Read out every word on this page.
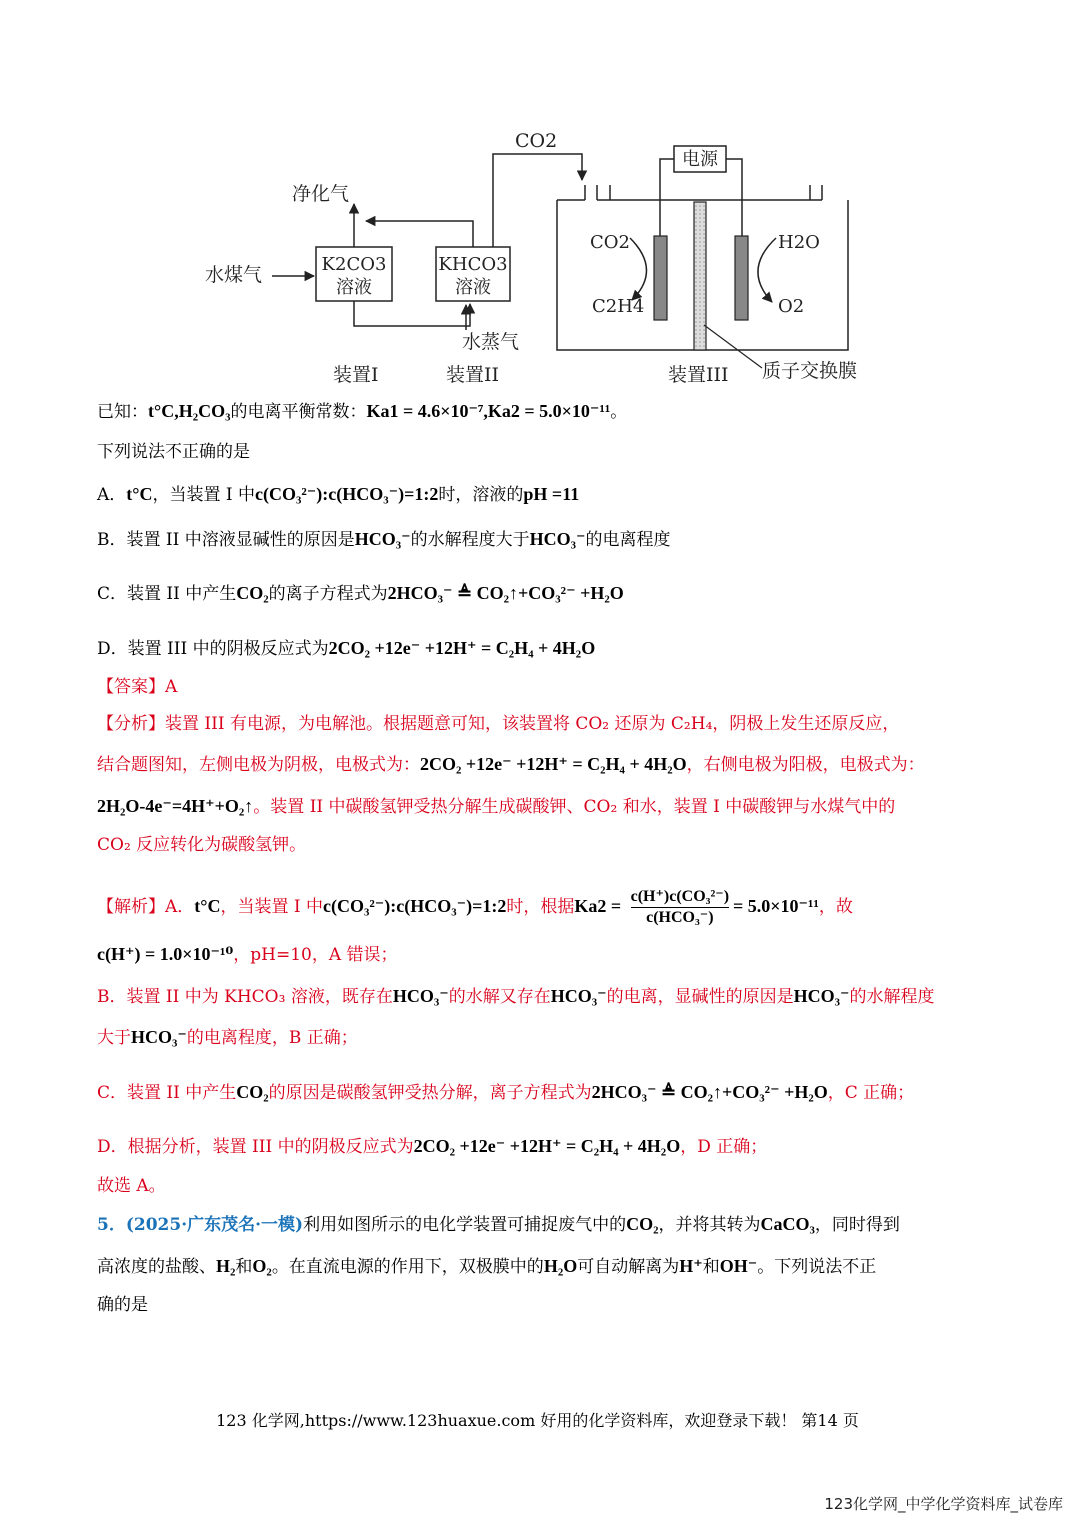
K2CO3
溶液
KHCO3
溶液
水煤气
净化气
水蒸气
CO2
电源
CO2
C2H4
H2O
O2
质子交换膜
装置I	装置II	装置III
已知：t°C,H₂CO₃的电离平衡常数：Ka1 = 4.6×10⁻⁷,Ka2 = 5.0×10⁻¹¹。
下列说法不正确的是
A．t°C，当装置 I 中c(CO₃²⁻):c(HCO₃⁻)=1:2时，溶液的pH =11
B．装置 II 中溶液显碱性的原因是HCO₃⁻的水解程度大于HCO₃⁻的电离程度
C．装置 II 中产生CO₂的离子方程式为2HCO₃⁻ ≜ CO₂↑+CO₃²⁻ +H₂O
D．装置 III 中的阴极反应式为2CO₂ +12e⁻ +12H⁺ = C₂H₄ + 4H₂O
【答案】A
【分析】装置 III 有电源，为电解池。根据题意可知，该装置将 CO₂ 还原为 C₂H₄，阴极上发生还原反应，
结合题图知，左侧电极为阴极，电极式为：2CO₂ +12e⁻ +12H⁺ = C₂H₄ + 4H₂O，右侧电极为阳极，电极式为：
2H₂O-4e⁻=4H⁺+O₂↑。装置 II 中碳酸氢钾受热分解生成碳酸钾、CO₂ 和水，装置 I 中碳酸钾与水煤气中的
CO₂ 反应转化为碳酸氢钾。
【解析】A．t°C，当装置 I 中c(CO₃²⁻):c(HCO₃⁻)=1:2时，根据Ka2 = c(H⁺)c(CO₃²⁻)
c(HCO₃⁻)
= 5.0×10⁻¹¹，故
c(H⁺) = 1.0×10⁻¹⁰，pH=10，A 错误；
B．装置 II 中为 KHCO₃ 溶液，既存在HCO₃⁻的水解又存在HCO₃⁻的电离，显碱性的原因是HCO₃⁻的水解程度
大于HCO₃⁻的电离程度，B 正确；
C．装置 II 中产生CO₂的原因是碳酸氢钾受热分解，离子方程式为2HCO₃⁻ ≜ CO₂↑+CO₃²⁻ +H₂O，C 正确；
D．根据分析，装置 III 中的阴极反应式为2CO₂ +12e⁻ +12H⁺ = C₂H₄ + 4H₂O，D 正确；
故选 A。
5．(2025·广东茂名·一模)利用如图所示的电化学装置可捕捉废气中的CO₂，并将其转为CaCO₃，同时得到
高浓度的盐酸、H₂和O₂。在直流电源的作用下，双极膜中的H₂O可自动解离为H⁺和OH⁻。下列说法不正
确的是
123 化学网,https://www.123huaxue.com 好用的化学资料库，欢迎登录下载！ 第14 页
123化学网_中学化学资料库_试卷库
